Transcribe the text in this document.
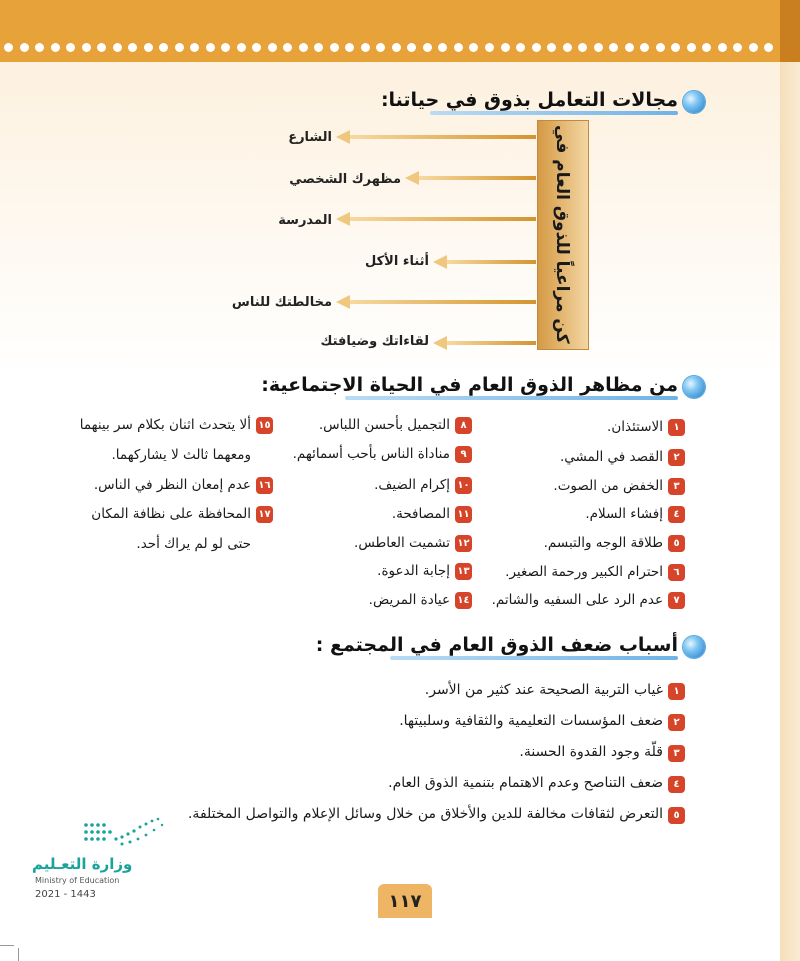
مجالات التعامل بذوق في حياتنا:
كن مراعياً للذوق العام في
الشارع
مظهرك الشخصي
المدرسة
أثناء الأكل
مخالطتك للناس
لقاءاتك وضيافتك
من مظاهر الذوق العام في الحياة الاجتماعية:
١
الاستئذان.
٢
القصد في المشي.
٣
الخفض من الصوت.
٤
إفشاء السلام.
٥
طلاقة الوجه والتبسم.
٦
احترام الكبير ورحمة الصغير.
٧
عدم الرد على السفيه والشاتم.
٨
التجميل بأحسن اللباس.
٩
مناداة الناس بأحب أسمائهم.
١٠
إكرام الضيف.
١١
المصافحة.
١٢
تشميت العاطس.
١٣
إجابة الدعوة.
١٤
عيادة المريض.
١٥
ألا يتحدث اثنان بكلام سر بينهما
ومعهما ثالث لا يشاركهما.
١٦
عدم إمعان النظر في الناس.
١٧
المحافظة على نظافة المكان
حتى لو لم يراك أحد.
أسباب ضعف الذوق العام في المجتمع :
١
غياب التربية الصحيحة عند كثير من الأسر.
٢
ضعف المؤسسات التعليمية والثقافية وسلبيتها.
٣
قلّة وجود القدوة الحسنة.
٤
ضعف التناصح وعدم الاهتمام بتنمية الذوق العام.
٥
التعرض لثقافات مخالفة للدين والأخلاق من خلال وسائل الإعلام والتواصل المختلفة.
وزارة التعـليم
Ministry of Education
2021 - 1443	١١٧
